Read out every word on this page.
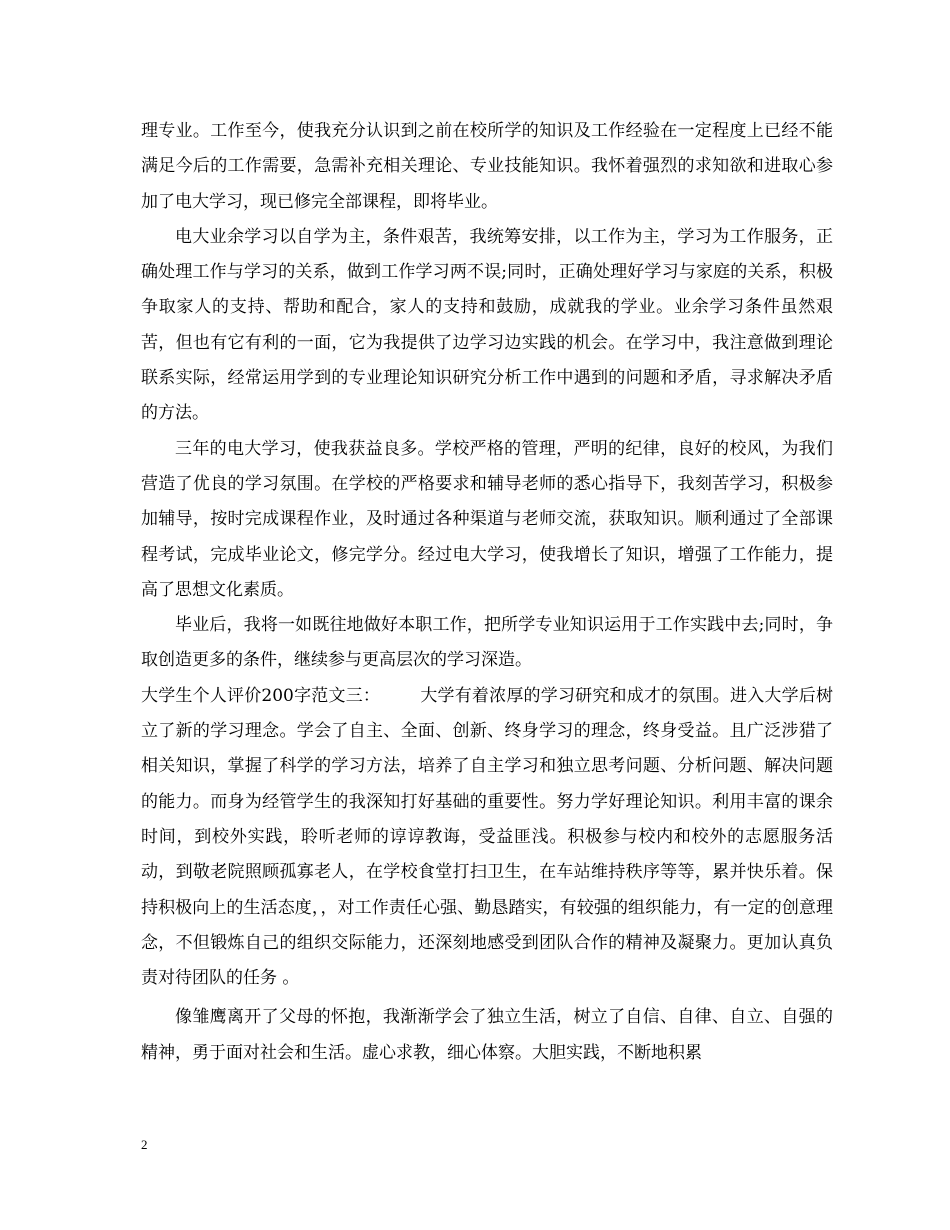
理专业。工作至今，使我充分认识到之前在校所学的知识及工作经验在一定程度上已经不能满足今后的工作需要，急需补充相关理论、专业技能知识。我怀着强烈的求知欲和进取心参加了电大学习，现已修完全部课程，即将毕业。

电大业余学习以自学为主，条件艰苦，我统筹安排，以工作为主，学习为工作服务，正确处理工作与学习的关系，做到工作学习两不误;同时，正确处理好学习与家庭的关系，积极争取家人的支持、帮助和配合，家人的支持和鼓励，成就我的学业。业余学习条件虽然艰苦，但也有它有利的一面，它为我提供了边学习边实践的机会。在学习中，我注意做到理论联系实际，经常运用学到的专业理论知识研究分析工作中遇到的问题和矛盾，寻求解决矛盾的方法。

三年的电大学习，使我获益良多。学校严格的管理，严明的纪律，良好的校风，为我们营造了优良的学习氛围。在学校的严格要求和辅导老师的悉心指导下，我刻苦学习，积极参加辅导，按时完成课程作业，及时通过各种渠道与老师交流，获取知识。顺利通过了全部课程考试，完成毕业论文，修完学分。经过电大学习，使我增长了知识，增强了工作能力，提高了思想文化素质。

毕业后，我将一如既往地做好本职工作，把所学专业知识运用于工作实践中去;同时，争取创造更多的条件，继续参与更高层次的学习深造。

大学生个人评价200字范文三： 大学有着浓厚的学习研究和成才的氛围。进入大学后树立了新的学习理念。学会了自主、全面、创新、终身学习的理念，终身受益。且广泛涉猎了相关知识，掌握了科学的学习方法，培养了自主学习和独立思考问题、分析问题、解决问题的能力。而身为经管学生的我深知打好基础的重要性。努力学好理论知识。利用丰富的课余时间，到校外实践，聆听老师的谆谆教诲，受益匪浅。积极参与校内和校外的志愿服务活动，到敬老院照顾孤寡老人，在学校食堂打扫卫生，在车站维持秩序等等，累并快乐着。保持积极向上的生活态度，，对工作责任心强、勤恳踏实，有较强的组织能力，有一定的创意理念，不但锻炼自己的组织交际能力，还深刻地感受到团队合作的精神及凝聚力。更加认真负责对待团队的任务 。

像雏鹰离开了父母的怀抱，我渐渐学会了独立生活，树立了自信、自律、自立、自强的精神，勇于面对社会和生活。虚心求教，细心体察。大胆实践，不断地积累

2
